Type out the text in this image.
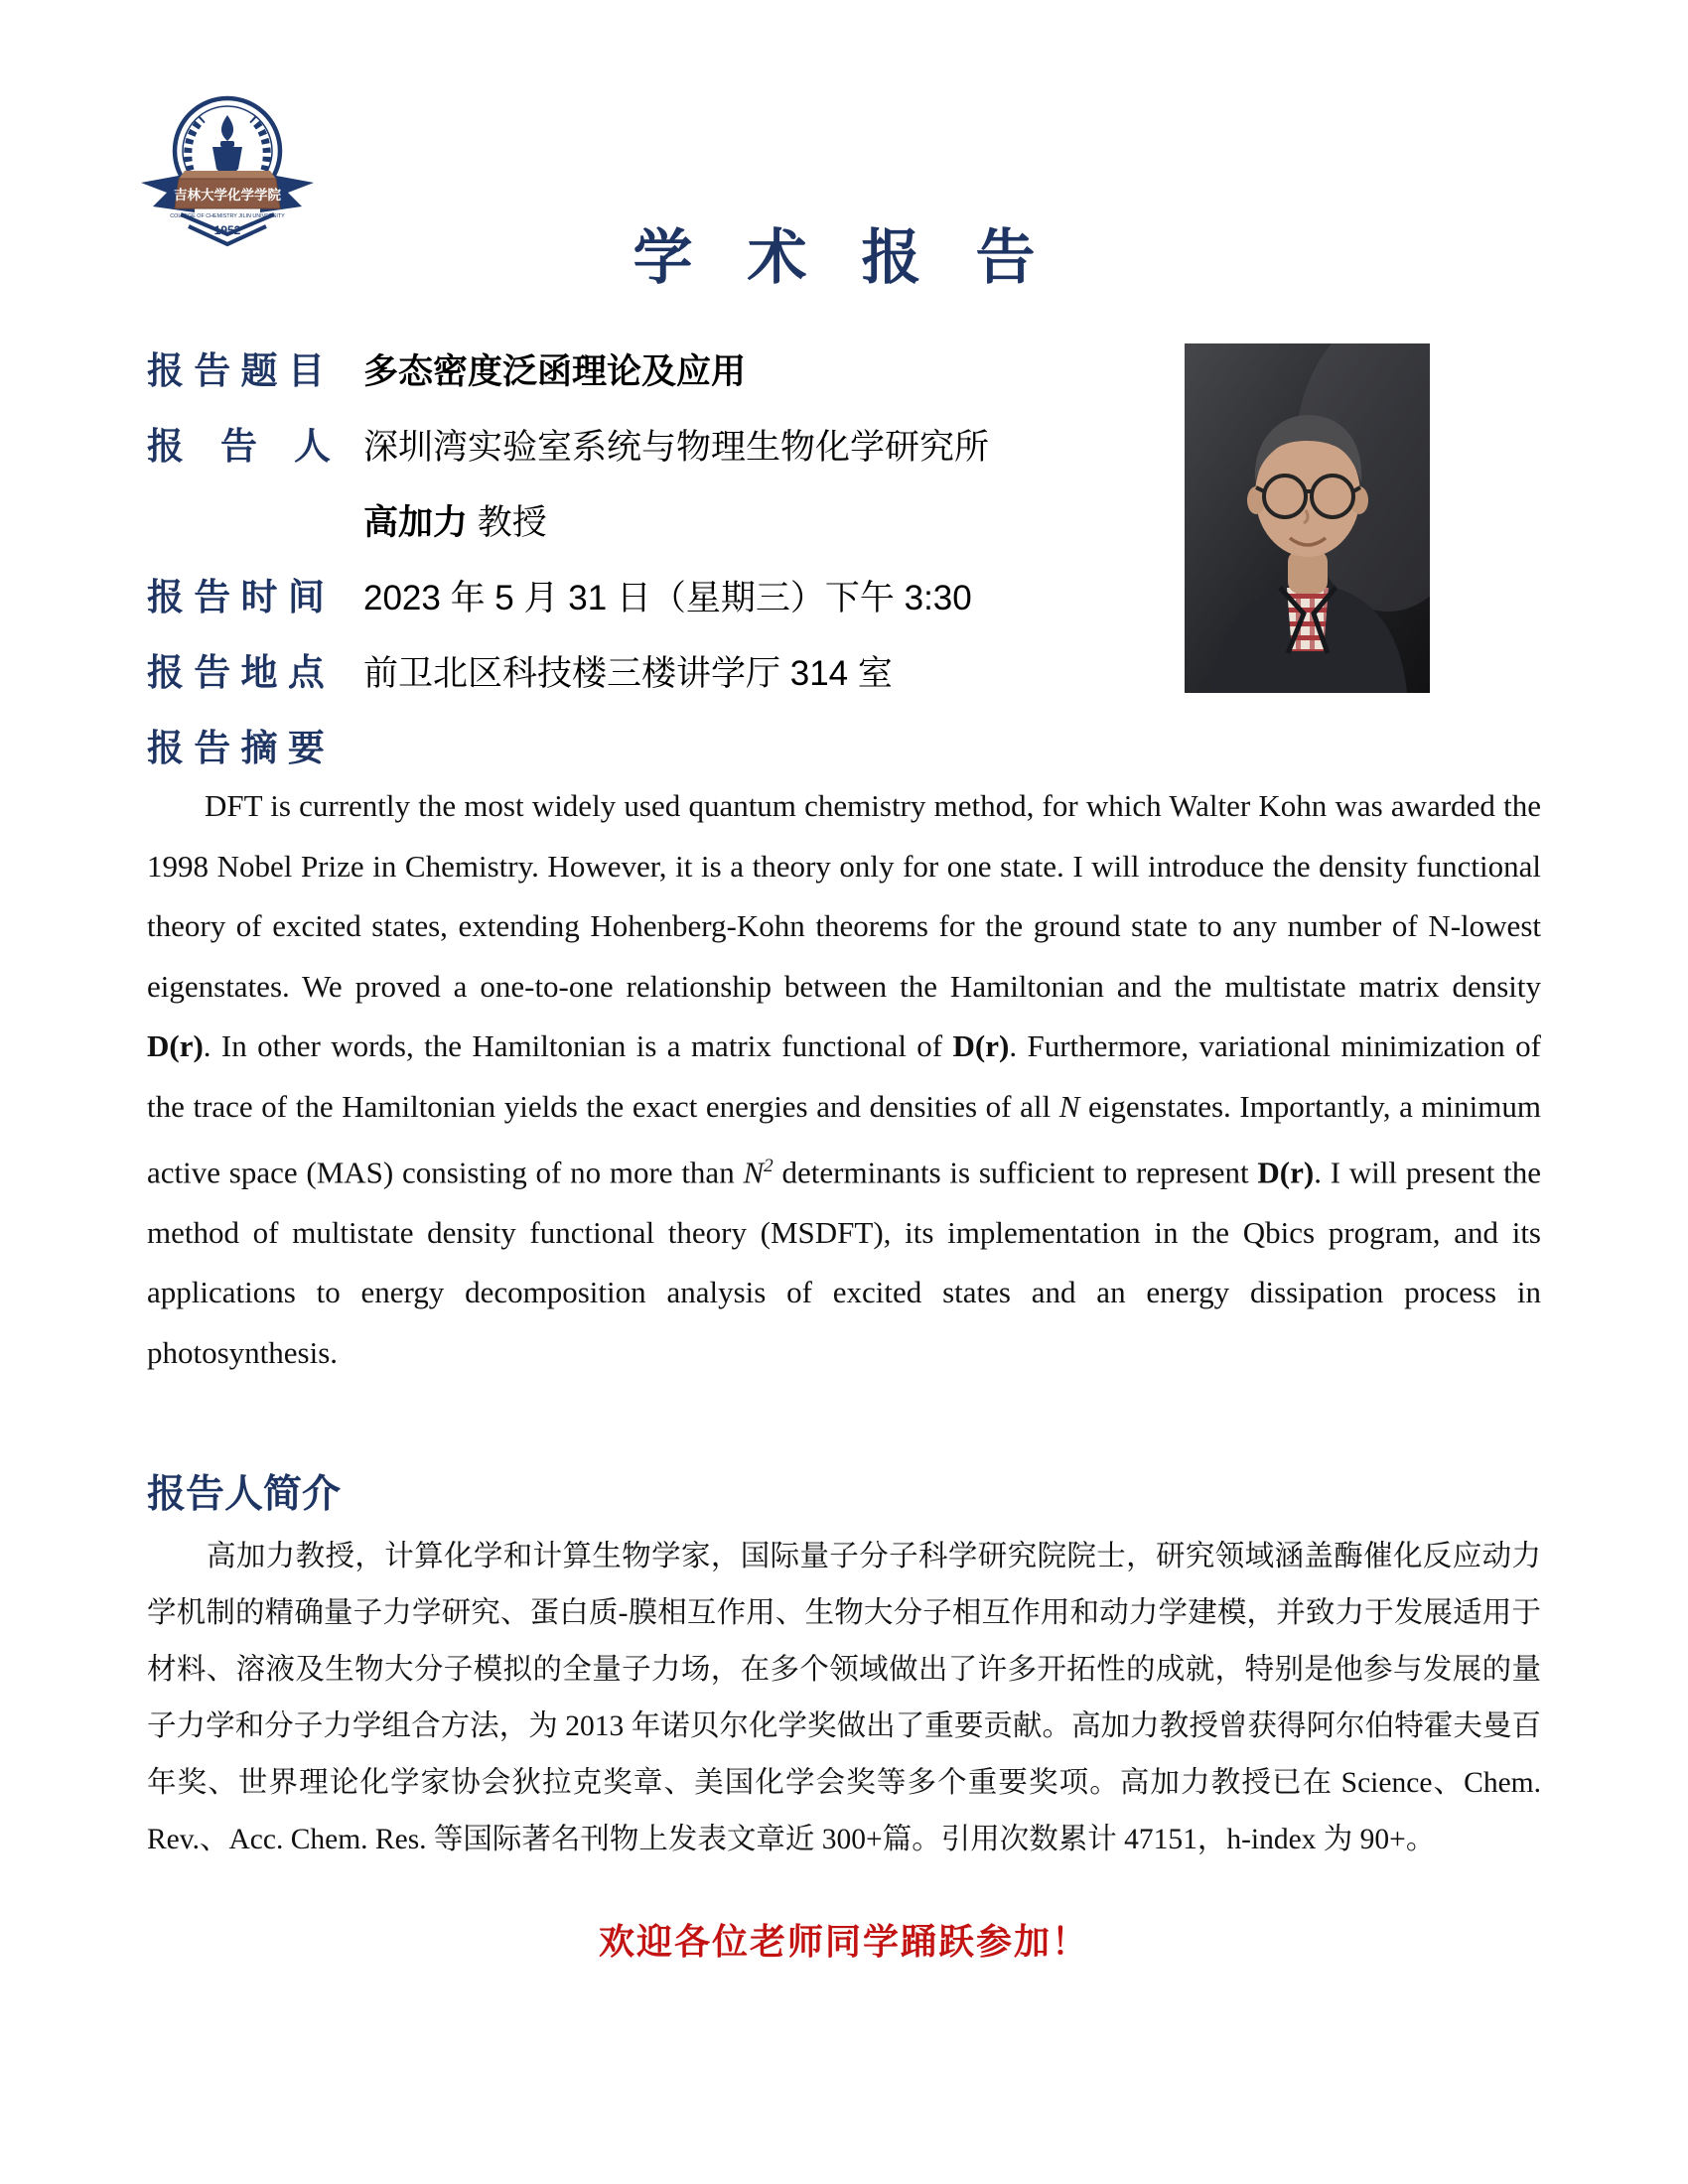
吉林大学化学学院
COLLEGE OF CHEMISTRY JILIN UNIVERSITY
1952	学 术 报 告
报 告 题 目	多态密度泛函理论及应用
报　告　人 深圳湾实验室系统与物理生物化学研究所
高加力 教授
报 告 时 间	2023 年 5 月 31 日（星期三）下午 3:30
报 告 地 点	前卫北区科技楼三楼讲学厅 314 室
报 告 摘 要
DFT is currently the most widely used quantum chemistry method, for which Walter Kohn was awarded the 1998 Nobel Prize in Chemistry. However, it is a theory only for one state. I will introduce the density functional theory of excited states, extending Hohenberg-Kohn theorems for the ground state to any number of N-lowest eigenstates. We proved a one-to-one relationship between the Hamiltonian and the multistate matrix density D(r). In other words, the Hamiltonian is a matrix functional of D(r). Furthermore, variational minimization of the trace of the Hamiltonian yields the exact energies and densities of all N eigenstates. Importantly, a minimum active space (MAS) consisting of no more than $N^2$ determinants is sufficient to represent D(r). I will present the method of multistate density functional theory (MSDFT), its implementation in the Qbics program, and its applications to energy decomposition analysis of excited states and an energy dissipation process in photosynthesis.
报告人简介
高加力教授，计算化学和计算生物学家，国际量子分子科学研究院院士，研究领域涵盖酶催化反应动力学机制的精确量子力学研究、蛋白质-膜相互作用、生物大分子相互作用和动力学建模，并致力于发展适用于材料、溶液及生物大分子模拟的全量子力场，在多个领域做出了许多开拓性的成就，特别是他参与发展的量子力学和分子力学组合方法，为 2013 年诺贝尔化学奖做出了重要贡献。高加力教授曾获得阿尔伯特霍夫曼百年奖、世界理论化学家协会狄拉克奖章、美国化学会奖等多个重要奖项。高加力教授已在 Science、Chem. Rev.、Acc. Chem. Res. 等国际著名刊物上发表文章近 300+篇。引用次数累计 47151，h-index 为 90+。
欢迎各位老师同学踊跃参加！
